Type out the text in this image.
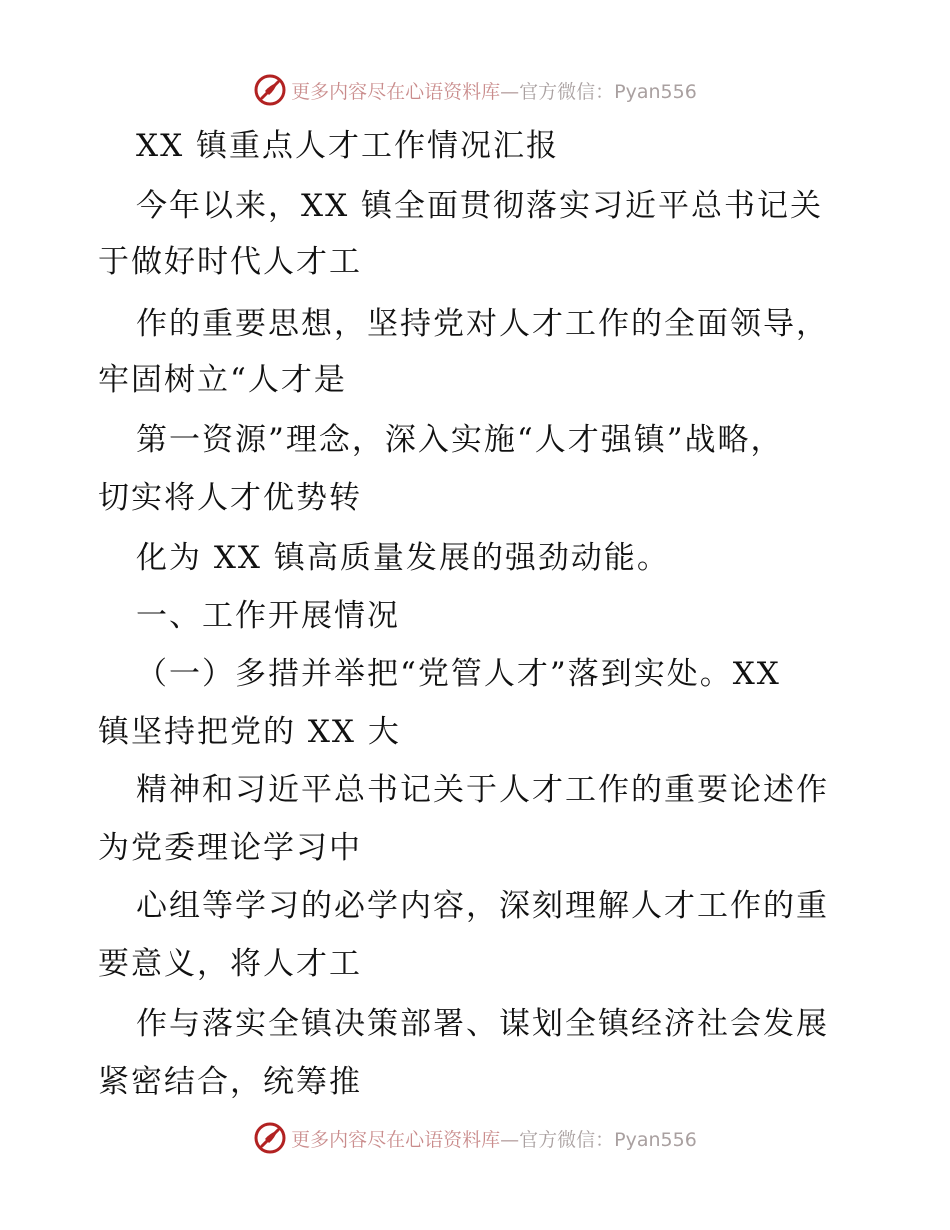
更多内容尽在心语资料库—官方微信：Pyan556
XX 镇重点人才工作情况汇报
今年以来，XX 镇全面贯彻落实习近平总书记关
于做好时代人才工
作的重要思想，坚持党对人才工作的全面领导，
牢固树立“人才是
第一资源”理念，深入实施“人才强镇”战略，
切实将人才优势转
化为 XX 镇高质量发展的强劲动能。
一、工作开展情况
（一）多措并举把“党管人才”落到实处。XX
镇坚持把党的 XX 大
精神和习近平总书记关于人才工作的重要论述作
为党委理论学习中
心组等学习的必学内容，深刻理解人才工作的重
要意义，将人才工
作与落实全镇决策部署、谋划全镇经济社会发展
紧密结合，统筹推
更多内容尽在心语资料库—官方微信：Pyan556
